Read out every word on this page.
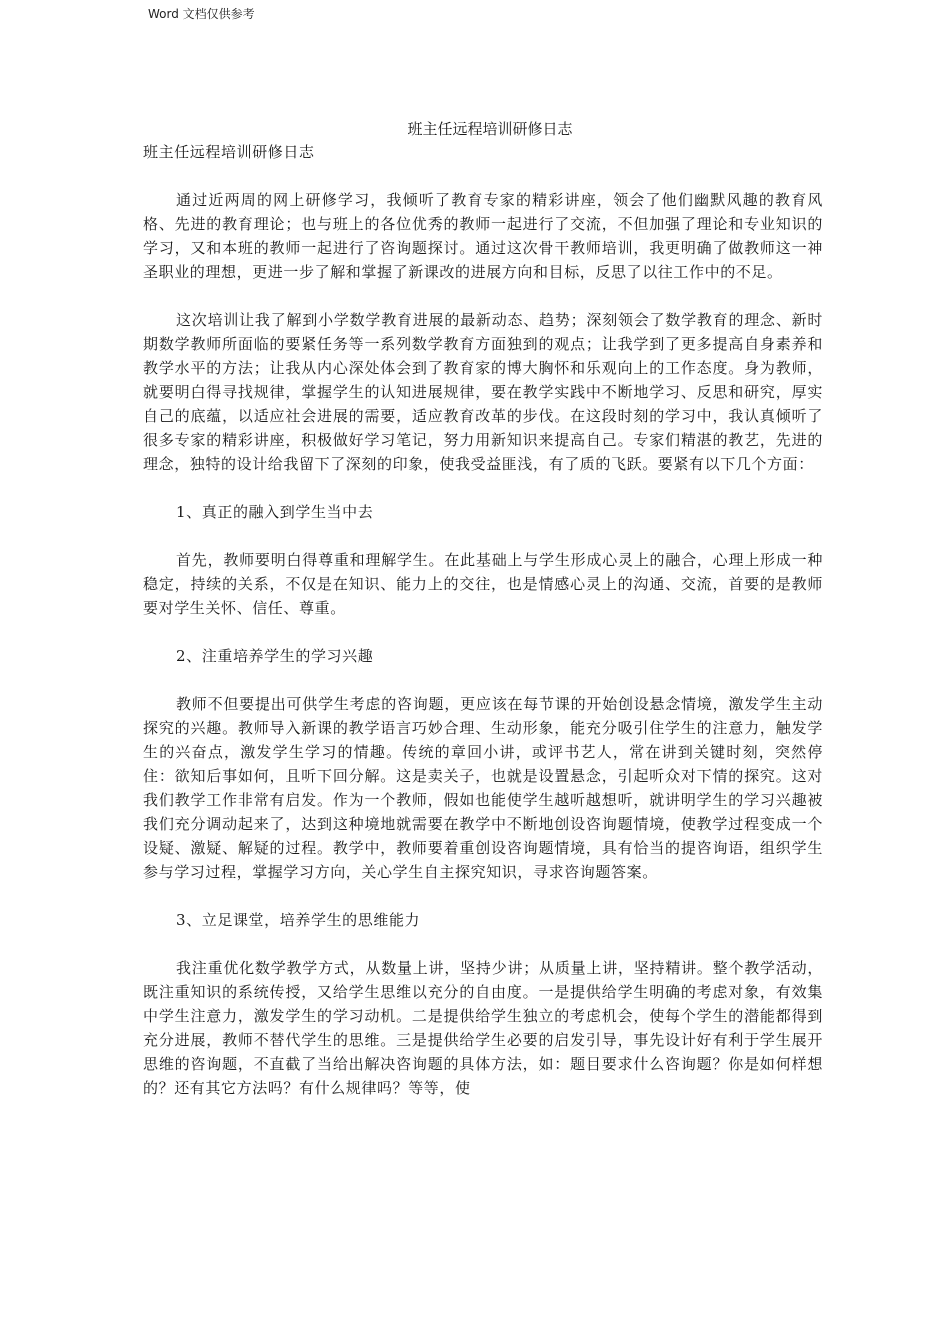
Word 文档仅供参考
班主任远程培训研修日志

班主任远程培训研修日志

通过近两周的网上研修学习，我倾听了教育专家的精彩讲座，领会了他们幽默风趣的教育风格、先进的教育理论；也与班上的各位优秀的教师一起进行了交流，不但加强了理论和专业知识的学习，又和本班的教师一起进行了咨询题探讨。通过这次骨干教师培训，我更明确了做教师这一神圣职业的理想，更进一步了解和掌握了新课改的进展方向和目标，反思了以往工作中的不足。

这次培训让我了解到小学数学教育进展的最新动态、趋势；深刻领会了数学教育的理念、新时期数学教师所面临的要紧任务等一系列数学教育方面独到的观点；让我学到了更多提高自身素养和教学水平的方法；让我从内心深处体会到了教育家的博大胸怀和乐观向上的工作态度。身为教师，就要明白得寻找规律，掌握学生的认知进展规律，要在教学实践中不断地学习、反思和研究，厚实自己的底蕴，以适应社会进展的需要，适应教育改革的步伐。在这段时刻的学习中，我认真倾听了很多专家的精彩讲座，积极做好学习笔记，努力用新知识来提高自己。专家们精湛的教艺，先进的理念，独特的设计给我留下了深刻的印象，使我受益匪浅，有了质的飞跃。要紧有以下几个方面：

1、真正的融入到学生当中去

首先，教师要明白得尊重和理解学生。在此基础上与学生形成心灵上的融合，心理上形成一种稳定，持续的关系，不仅是在知识、能力上的交往，也是情感心灵上的沟通、交流，首要的是教师要对学生关怀、信任、尊重。

2、注重培养学生的学习兴趣

教师不但要提出可供学生考虑的咨询题，更应该在每节课的开始创设悬念情境，激发学生主动探究的兴趣。教师导入新课的教学语言巧妙合理、生动形象，能充分吸引住学生的注意力，触发学生的兴奋点，激发学生学习的情趣。传统的章回小讲，或评书艺人，常在讲到关键时刻，突然停住：欲知后事如何，且听下回分解。这是卖关子，也就是设置悬念，引起听众对下情的探究。这对我们教学工作非常有启发。作为一个教师，假如也能使学生越听越想听，就讲明学生的学习兴趣被我们充分调动起来了，达到这种境地就需要在教学中不断地创设咨询题情境，使教学过程变成一个设疑、激疑、解疑的过程。教学中，教师要着重创设咨询题情境，具有恰当的提咨询语，组织学生参与学习过程，掌握学习方向，关心学生自主探究知识，寻求咨询题答案。

3、立足课堂，培养学生的思维能力

我注重优化数学教学方式，从数量上讲，坚持少讲；从质量上讲，坚持精讲。整个教学活动，既注重知识的系统传授，又给学生思维以充分的自由度。一是提供给学生明确的考虑对象，有效集中学生注意力，激发学生的学习动机。二是提供给学生独立的考虑机会，使每个学生的潜能都得到充分进展，教师不替代学生的思维。三是提供给学生必要的启发引导，事先设计好有利于学生展开思维的咨询题，不直截了当给出解决咨询题的具体方法，如：题目要求什么咨询题？你是如何样想的？还有其它方法吗？有什么规律吗？等等，使
